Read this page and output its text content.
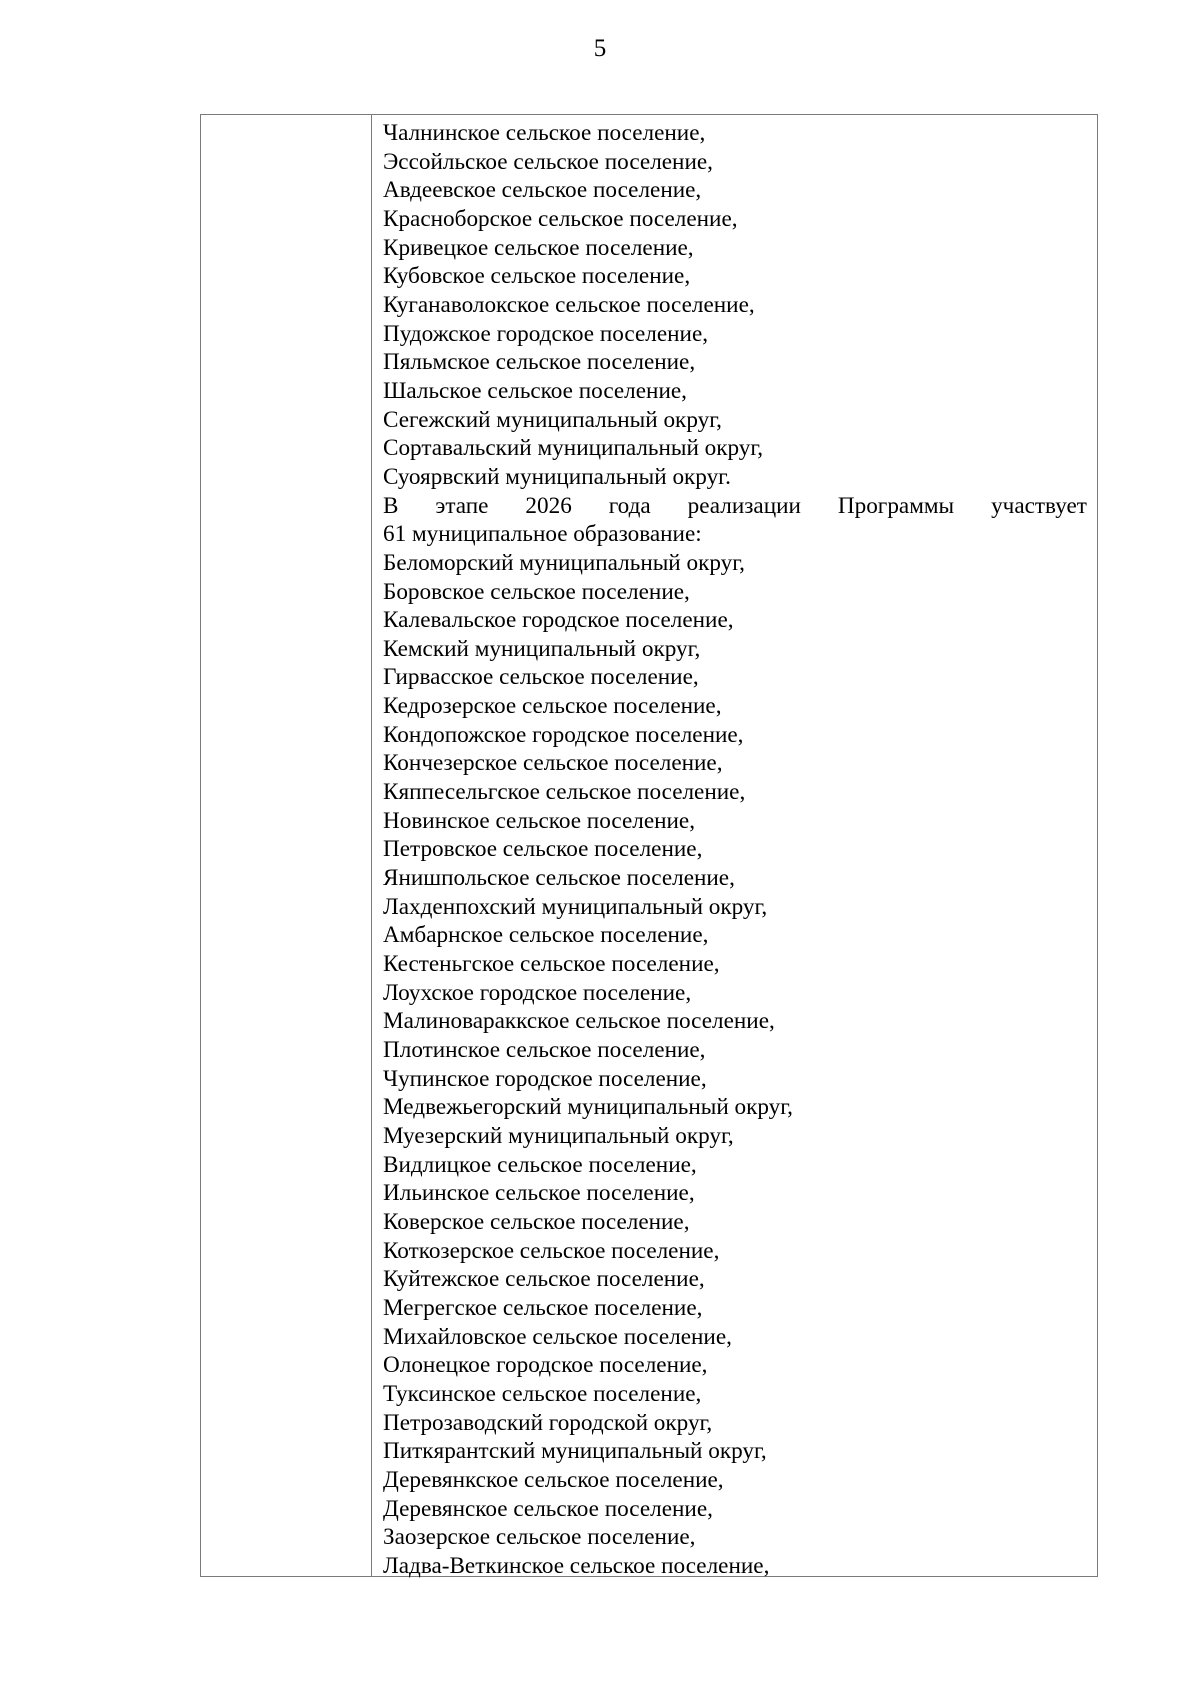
5
Чалнинское сельское поселение,
Эссойльское сельское поселение,
Авдеевское сельское поселение,
Красноборское сельское поселение,
Кривецкое сельское поселение,
Кубовское сельское поселение,
Куганаволокское сельское поселение,
Пудожское городское поселение,
Пяльмское сельское поселение,
Шальское сельское поселение,
Сегежский муниципальный округ,
Сортавальский муниципальный округ,
Суоярвский муниципальный округ.
В этапе 2026 года реализации Программы участвует
61 муниципальное образование:
Беломорский муниципальный округ,
Боровское сельское поселение,
Калевальское городское поселение,
Кемский муниципальный округ,
Гирвасское сельское поселение,
Кедрозерское сельское поселение,
Кондопожское городское поселение,
Кончезерское сельское поселение,
Кяппесельгское сельское поселение,
Новинское сельское поселение,
Петровское сельское поселение,
Янишпольское сельское поселение,
Лахденпохский муниципальный округ,
Амбарнское сельское поселение,
Кестеньгское сельское поселение,
Лоухское городское поселение,
Малиновараккское сельское поселение,
Плотинское сельское поселение,
Чупинское городское поселение,
Медвежьегорский муниципальный округ,
Муезерский муниципальный округ,
Видлицкое сельское поселение,
Ильинское сельское поселение,
Коверское сельское поселение,
Коткозерское сельское поселение,
Куйтежское сельское поселение,
Мегрегское сельское поселение,
Михайловское сельское поселение,
Олонецкое городское поселение,
Туксинское сельское поселение,
Петрозаводский городской округ,
Питкярантский муниципальный округ,
Деревянкское сельское поселение,
Деревянское сельское поселение,
Заозерское сельское поселение,
Ладва-Веткинское сельское поселение,
